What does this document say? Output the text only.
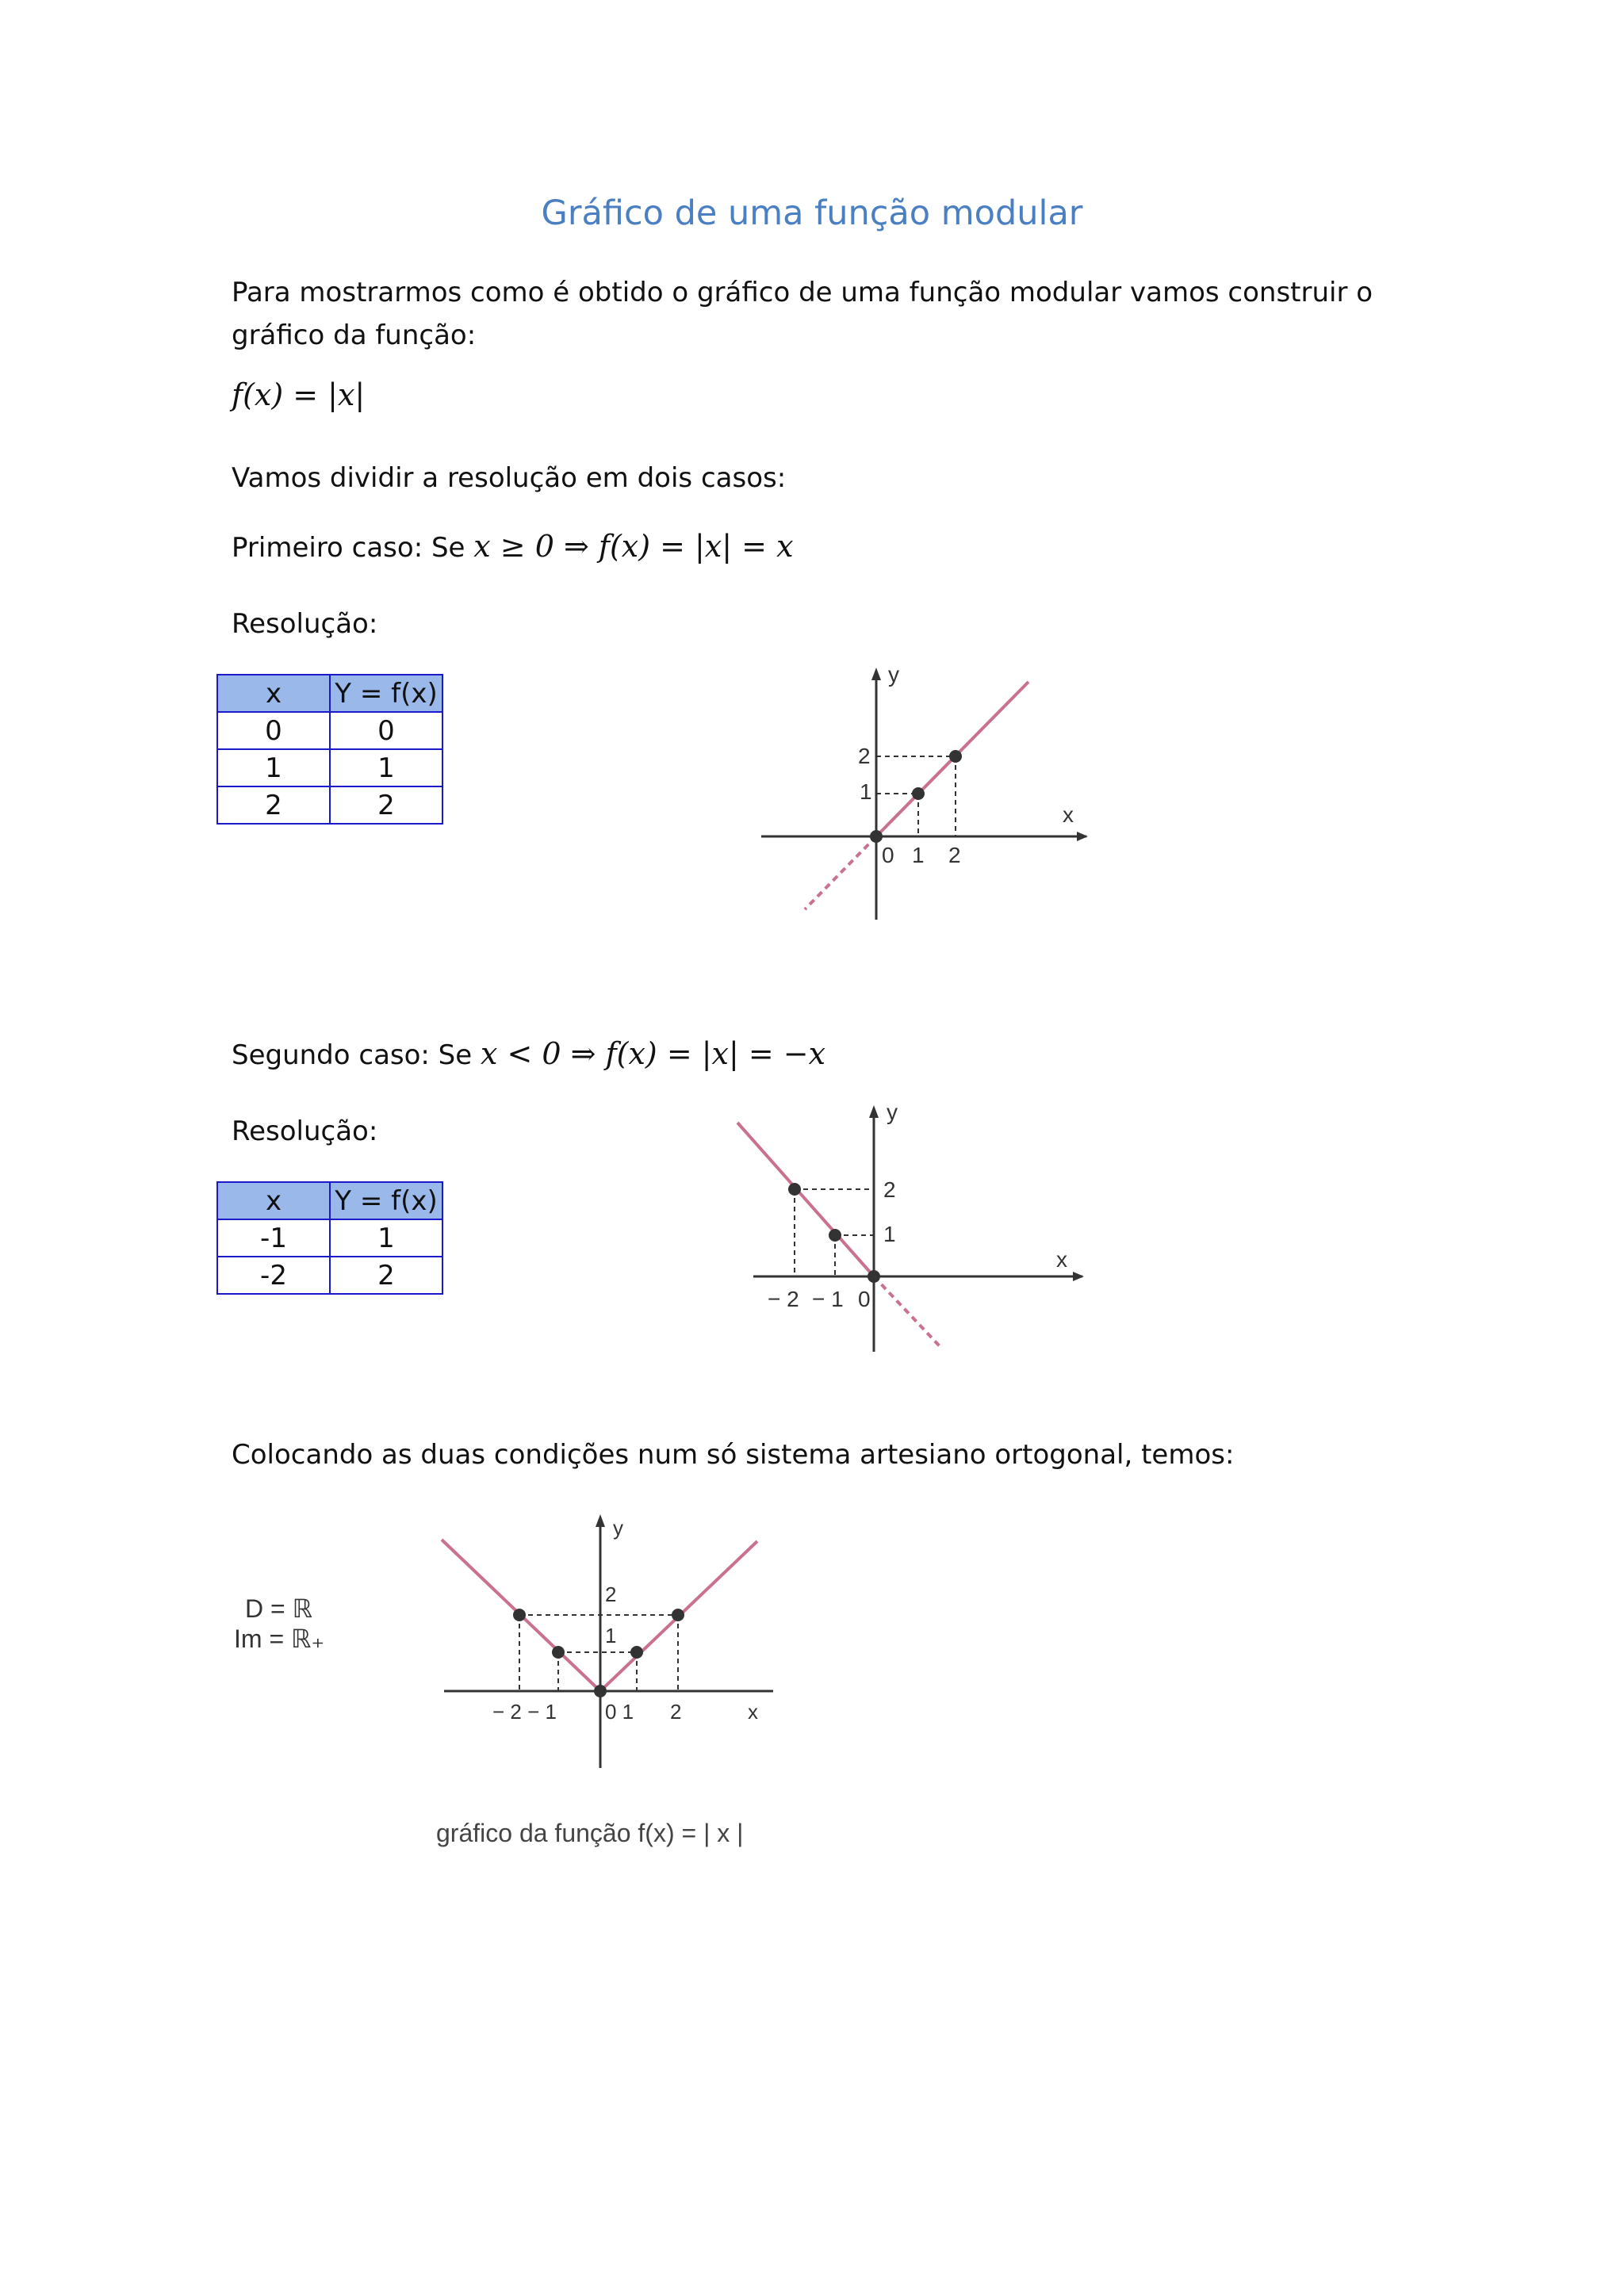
Gráfico de uma função modular
Para mostrarmos como é obtido o gráfico de uma função modular vamos construir o gráfico da função:
f(x) = |x|
Vamos dividir a resolução em dois casos:
Primeiro caso: Se x ≥ 0 ⇒ f(x) = |x| = x
Resolução:
x	Y = f(x)
0	0
1	1
2	2
y
x
2
1
0 1 2
Segundo caso: Se x < 0 ⇒ f(x) = |x| = −x
Resolução:
x	Y = f(x)
-1	1
-2	2
y
x
2
1
− 2 − 1 0
Colocando as duas condições num só sistema artesiano ortogonal, temos:
D = ℝ
Im = ℝ₊
y
2
1
− 2 − 1 0 1 2	x
gráfico da função f(x) = | x |
